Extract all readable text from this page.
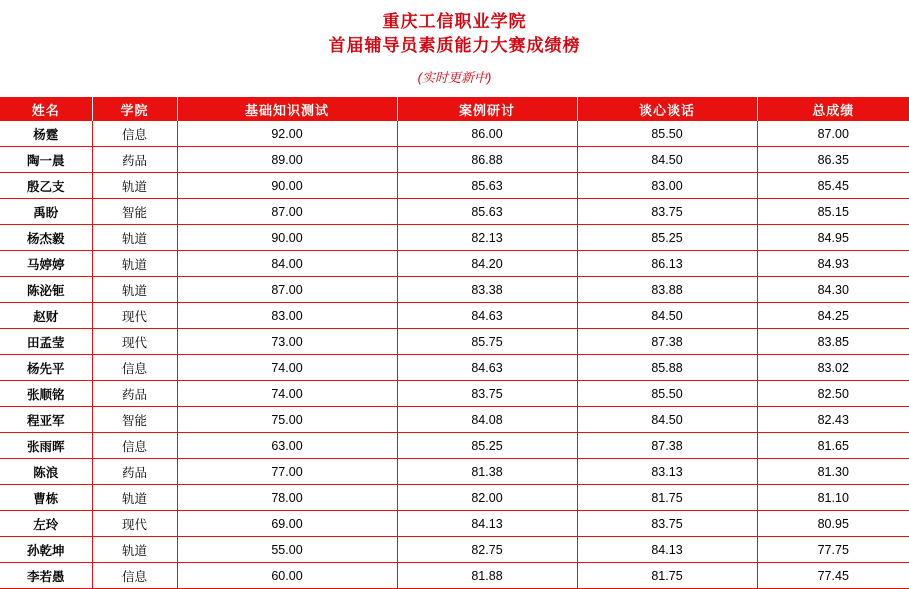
重庆工信职业学院
首届辅导员素质能力大赛成绩榜
(实时更新中)
姓名	学院	基础知识测试	案例研讨	谈心谈话	总成绩
杨霆	信息	92.00	86.00	85.50	87.00
陶一晨	药品	89.00	86.88	84.50	86.35
殷乙支	轨道	90.00	85.63	83.00	85.45
禹盼	智能	87.00	85.63	83.75	85.15
杨杰毅	轨道	90.00	82.13	85.25	84.95
马婷婷	轨道	84.00	84.20	86.13	84.93
陈泌钷	轨道	87.00	83.38	83.88	84.30
赵财	现代	83.00	84.63	84.50	84.25
田孟莹	现代	73.00	85.75	87.38	83.85
杨先平	信息	74.00	84.63	85.88	83.02
张顺铭	药品	74.00	83.75	85.50	82.50
程亚军	智能	75.00	84.08	84.50	82.43
张雨晖	信息	63.00	85.25	87.38	81.65
陈浪	药品	77.00	81.38	83.13	81.30
曹栋	轨道	78.00	82.00	81.75	81.10
左玲	现代	69.00	84.13	83.75	80.95
孙乾坤	轨道	55.00	82.75	84.13	77.75
李若愚	信息	60.00	81.88	81.75	77.45
